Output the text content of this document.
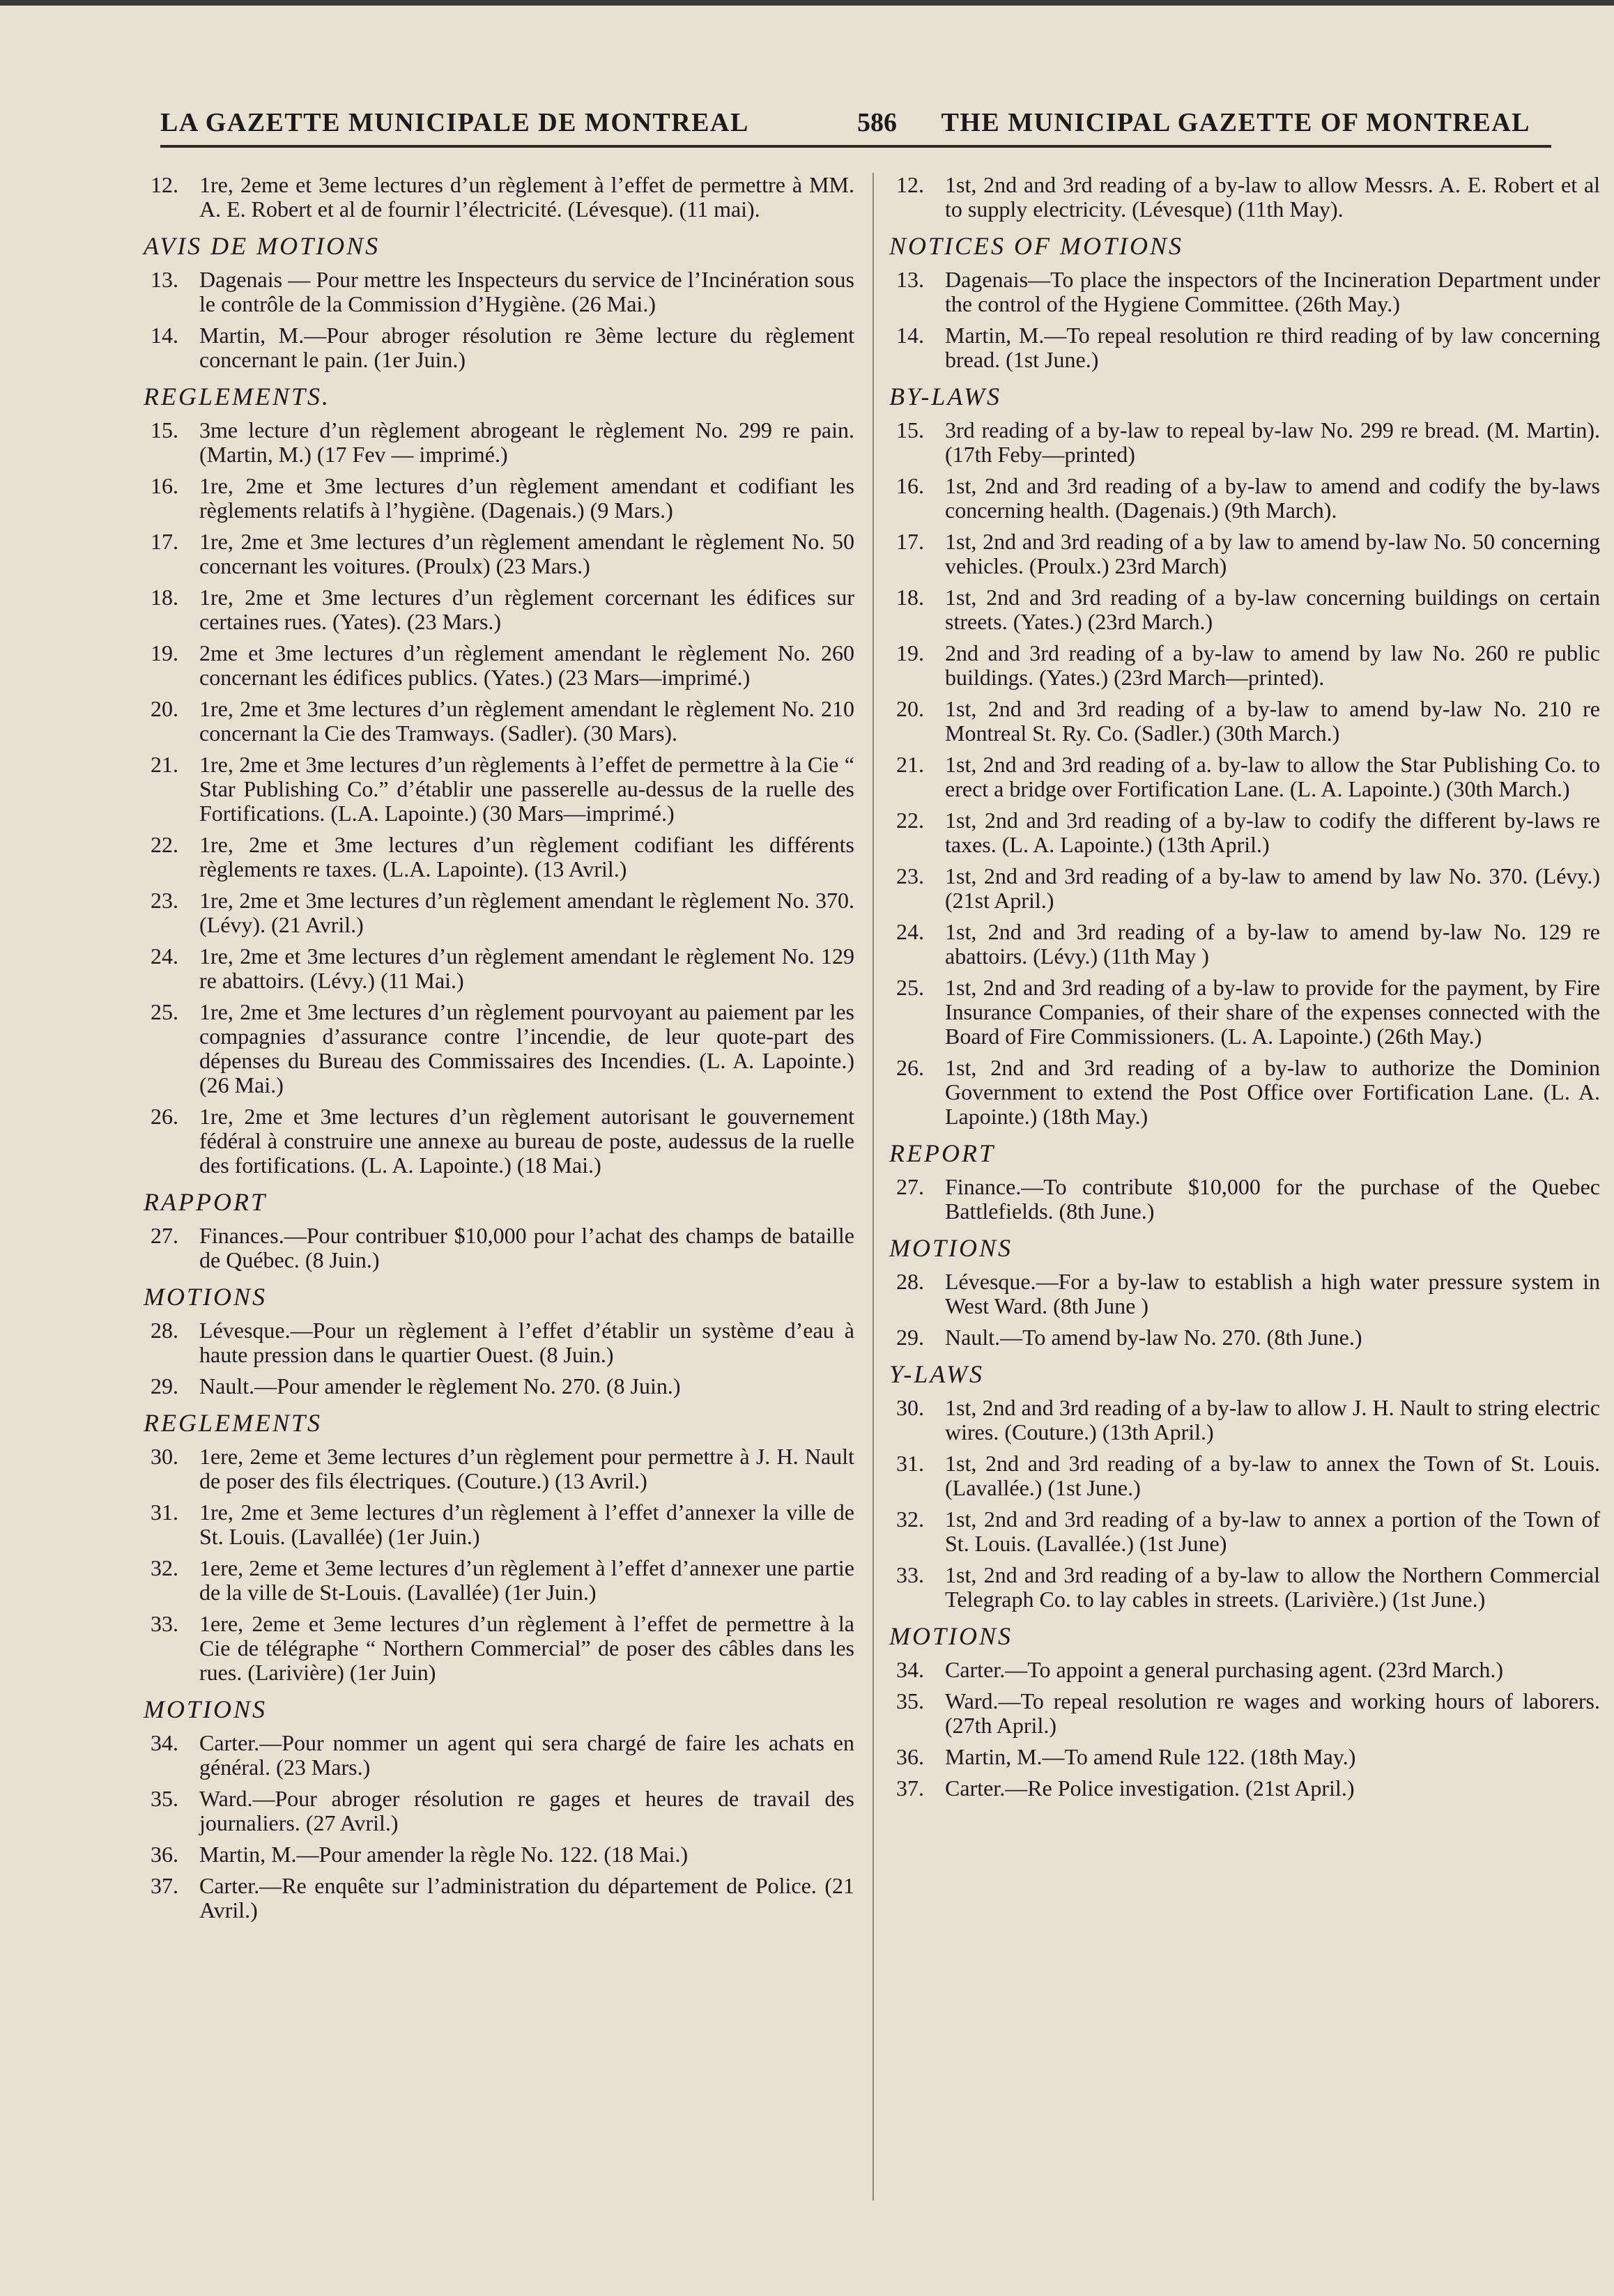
LA GAZETTE MUNICIPALE DE MONTREAL	586 THE MUNICIPAL GAZETTE OF MONTREAL
12. 1re, 2eme et 3eme lectures d’un règlement à l’effet de permettre à MM. A. E. Robert et al de fournir l’électricité. (Lévesque). (11 mai).
AVIS DE MOTIONS
13. Dagenais — Pour mettre les Inspecteurs du service de l’Incinération sous le contrôle de la Commission d’Hygiène. (26 Mai.)
14. Martin, M.—Pour abroger résolution re 3ème lecture du règlement concernant le pain. (1er Juin.)
REGLEMENTS.
15. 3me lecture d’un règlement abrogeant le règlement No. 299 re pain. (Martin, M.) (17 Fev — imprimé.)
16. 1re, 2me et 3me lectures d’un règlement amendant et codifiant les règlements relatifs à l’hygiène. (Dagenais.) (9 Mars.)
17. 1re, 2me et 3me lectures d’un règlement amendant le règlement No. 50 concernant les voitures. (Proulx) (23 Mars.)
18. 1re, 2me et 3me lectures d’un règlement corcernant les édifices sur certaines rues. (Yates). (23 Mars.)
19. 2me et 3me lectures d’un règlement amendant le règlement No. 260 concernant les édifices publics. (Yates.) (23 Mars—imprimé.)
20. 1re, 2me et 3me lectures d’un règlement amendant le règlement No. 210 concernant la Cie des Tramways. (Sadler). (30 Mars).
21. 1re, 2me et 3me lectures d’un règlements à l’effet de permettre à la Cie “ Star Publishing Co.” d’établir une passerelle au-dessus de la ruelle des Fortifications. (L.A. Lapointe.) (30 Mars—imprimé.)
22. 1re, 2me et 3me lectures d’un règlement codifiant les différents règlements re taxes. (L.A. Lapointe). (13 Avril.)
23. 1re, 2me et 3me lectures d’un règlement amendant le règlement No. 370. (Lévy). (21 Avril.)
24. 1re, 2me et 3me lectures d’un règlement amendant le règlement No. 129 re abattoirs. (Lévy.) (11 Mai.)
25. 1re, 2me et 3me lectures d’un règlement pourvoyant au paiement par les compagnies d’assurance contre l’incendie, de leur quote-part des dépenses du Bureau des Commissaires des Incendies. (L. A. Lapointe.) (26 Mai.)
26. 1re, 2me et 3me lectures d’un règlement autorisant le gouvernement fédéral à construire une annexe au bureau de poste, audessus de la ruelle des fortifications. (L. A. Lapointe.) (18 Mai.)
RAPPORT
27. Finances.—Pour contribuer $10,000 pour l’achat des champs de bataille de Québec. (8 Juin.)
MOTIONS
28. Lévesque.—Pour un règlement à l’effet d’établir un système d’eau à haute pression dans le quartier Ouest. (8 Juin.)
29. Nault.—Pour amender le règlement No. 270. (8 Juin.)
REGLEMENTS
30. 1ere, 2eme et 3eme lectures d’un règlement pour permettre à J. H. Nault de poser des fils électriques. (Couture.) (13 Avril.)
31. 1re, 2me et 3eme lectures d’un règlement à l’effet d’annexer la ville de St. Louis. (Lavallée) (1er Juin.)
32. 1ere, 2eme et 3eme lectures d’un règlement à l’effet d’annexer une partie de la ville de St-Louis. (Lavallée) (1er Juin.)
33. 1ere, 2eme et 3eme lectures d’un règlement à l’effet de permettre à la Cie de télégraphe “ Northern Commercial” de poser des câbles dans les rues. (Larivière) (1er Juin)
MOTIONS
34. Carter.—Pour nommer un agent qui sera chargé de faire les achats en général. (23 Mars.)
35. Ward.—Pour abroger résolution re gages et heures de travail des journaliers. (27 Avril.)
36. Martin, M.—Pour amender la règle No. 122. (18 Mai.)
37. Carter.—Re enquête sur l’administration du département de Police. (21 Avril.)
12. 1st, 2nd and 3rd reading of a by-law to allow Messrs. A. E. Robert et al to supply electricity. (Lévesque) (11th May).
NOTICES OF MOTIONS
13. Dagenais—To place the inspectors of the Incineration Department under the control of the Hygiene Committee. (26th May.)
14. Martin, M.—To repeal resolution re third reading of by law concerning bread. (1st June.)
BY-LAWS
15. 3rd reading of a by-law to repeal by-law No. 299 re bread. (M. Martin). (17th Feby—printed)
16. 1st, 2nd and 3rd reading of a by-law to amend and codify the by-laws concerning health. (Dagenais.) (9th March).
17. 1st, 2nd and 3rd reading of a by law to amend by-law No. 50 concerning vehicles. (Proulx.) 23rd March)
18. 1st, 2nd and 3rd reading of a by-law concerning buildings on certain streets. (Yates.) (23rd March.)
19. 2nd and 3rd reading of a by-law to amend by law No. 260 re public buildings. (Yates.) (23rd March—printed).
20. 1st, 2nd and 3rd reading of a by-law to amend by-law No. 210 re Montreal St. Ry. Co. (Sadler.) (30th March.)
21. 1st, 2nd and 3rd reading of a. by-law to allow the Star Publishing Co. to erect a bridge over Fortification Lane. (L. A. Lapointe.) (30th March.)
22. 1st, 2nd and 3rd reading of a by-law to codify the different by-laws re taxes. (L. A. Lapointe.) (13th April.)
23. 1st, 2nd and 3rd reading of a by-law to amend by law No. 370. (Lévy.) (21st April.)
24. 1st, 2nd and 3rd reading of a by-law to amend by-law No. 129 re abattoirs. (Lévy.) (11th May )
25. 1st, 2nd and 3rd reading of a by-law to provide for the payment, by Fire Insurance Companies, of their share of the expenses connected with the Board of Fire Commissioners. (L. A. Lapointe.) (26th May.)
26. 1st, 2nd and 3rd reading of a by-law to authorize the Dominion Government to extend the Post Office over Fortification Lane. (L. A. Lapointe.) (18th May.)
REPORT
27. Finance.—To contribute $10,000 for the purchase of the Quebec Battlefields. (8th June.)
MOTIONS
28. Lévesque.—For a by-law to establish a high water pressure system in West Ward. (8th June )
29. Nault.—To amend by-law No. 270. (8th June.)
Y-LAWS
30. 1st, 2nd and 3rd reading of a by-law to allow J. H. Nault to string electric wires. (Couture.) (13th April.)
31. 1st, 2nd and 3rd reading of a by-law to annex the Town of St. Louis. (Lavallée.) (1st June.)
32. 1st, 2nd and 3rd reading of a by-law to annex a portion of the Town of St. Louis. (Lavallée.) (1st June)
33. 1st, 2nd and 3rd reading of a by-law to allow the Northern Commercial Telegraph Co. to lay cables in streets. (Larivière.) (1st June.)
MOTIONS
34. Carter.—To appoint a general purchasing agent. (23rd March.)
35. Ward.—To repeal resolution re wages and working hours of laborers. (27th April.)
36. Martin, M.—To amend Rule 122. (18th May.)
37. Carter.—Re Police investigation. (21st April.)
